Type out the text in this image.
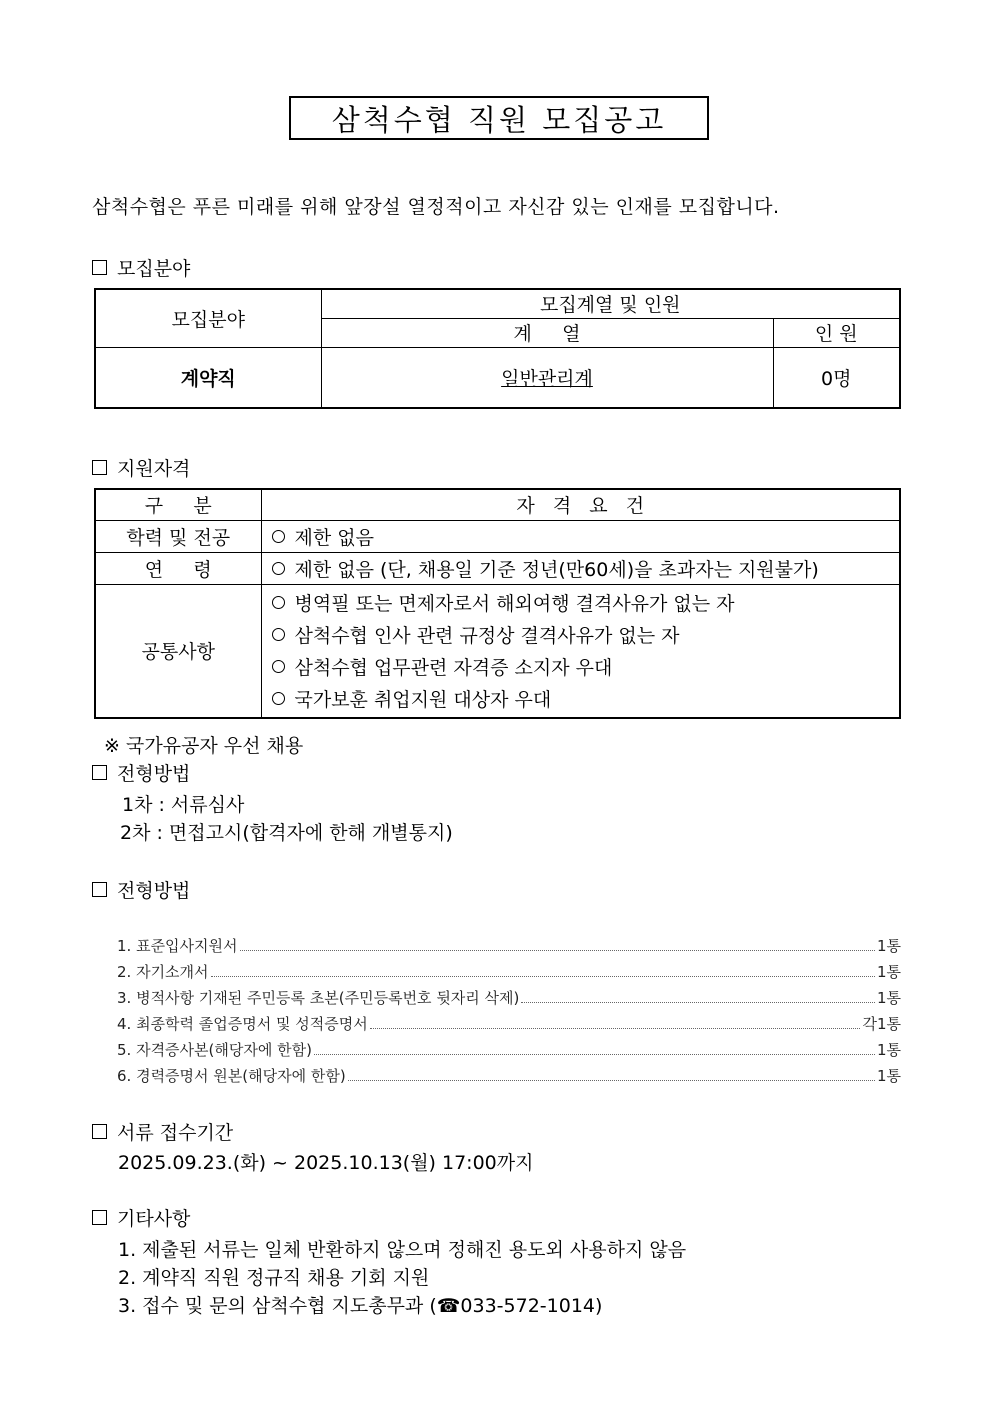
삼척수협 직원 모집공고
삼척수협은 푸른 미래를 위해 앞장설 열정적이고 자신감 있는 인재를 모집합니다.
모집분야
모집분야	모집계열 및 인원	
	계     열	인 원
계약직	일반관리계	0명
지원자격
구     분	자   격   요   건
학력 및 전공	제한 없음

연     령	제한 없음 (단, 채용일 기준 정년(만60세)을 초과자는 지원불가)

공통사항	병역필 또는 면제자로서 해외여행 결격사유가 없는 자
삼척수협 인사 관련 규정상 결격사유가 없는 자
삼척수협 업무관련 자격증 소지자 우대
국가보훈 취업지원 대상자 우대
※ 국가유공자 우선 채용
전형방법
1차 : 서류심사
2차 : 면접고시(합격자에 한해 개별통지)
전형방법
1. 표준입사지원서	1통
2. 자기소개서	1통
3. 병적사항 기재된 주민등록 초본(주민등록번호 뒷자리 삭제)	1통
4. 최종학력 졸업증명서 및 성적증명서	각1통
5. 자격증사본(해당자에 한함)	1통
6. 경력증명서 원본(해당자에 한함)	1통
서류 접수기간
2025.09.23.(화) ~ 2025.10.13(월) 17:00까지
기타사항
1. 제출된 서류는 일체 반환하지 않으며 정해진 용도외 사용하지 않음
2. 계약직 직원 정규직 채용 기회 지원
3. 접수 및 문의 삼척수협 지도총무과 (☎033-572-1014)
